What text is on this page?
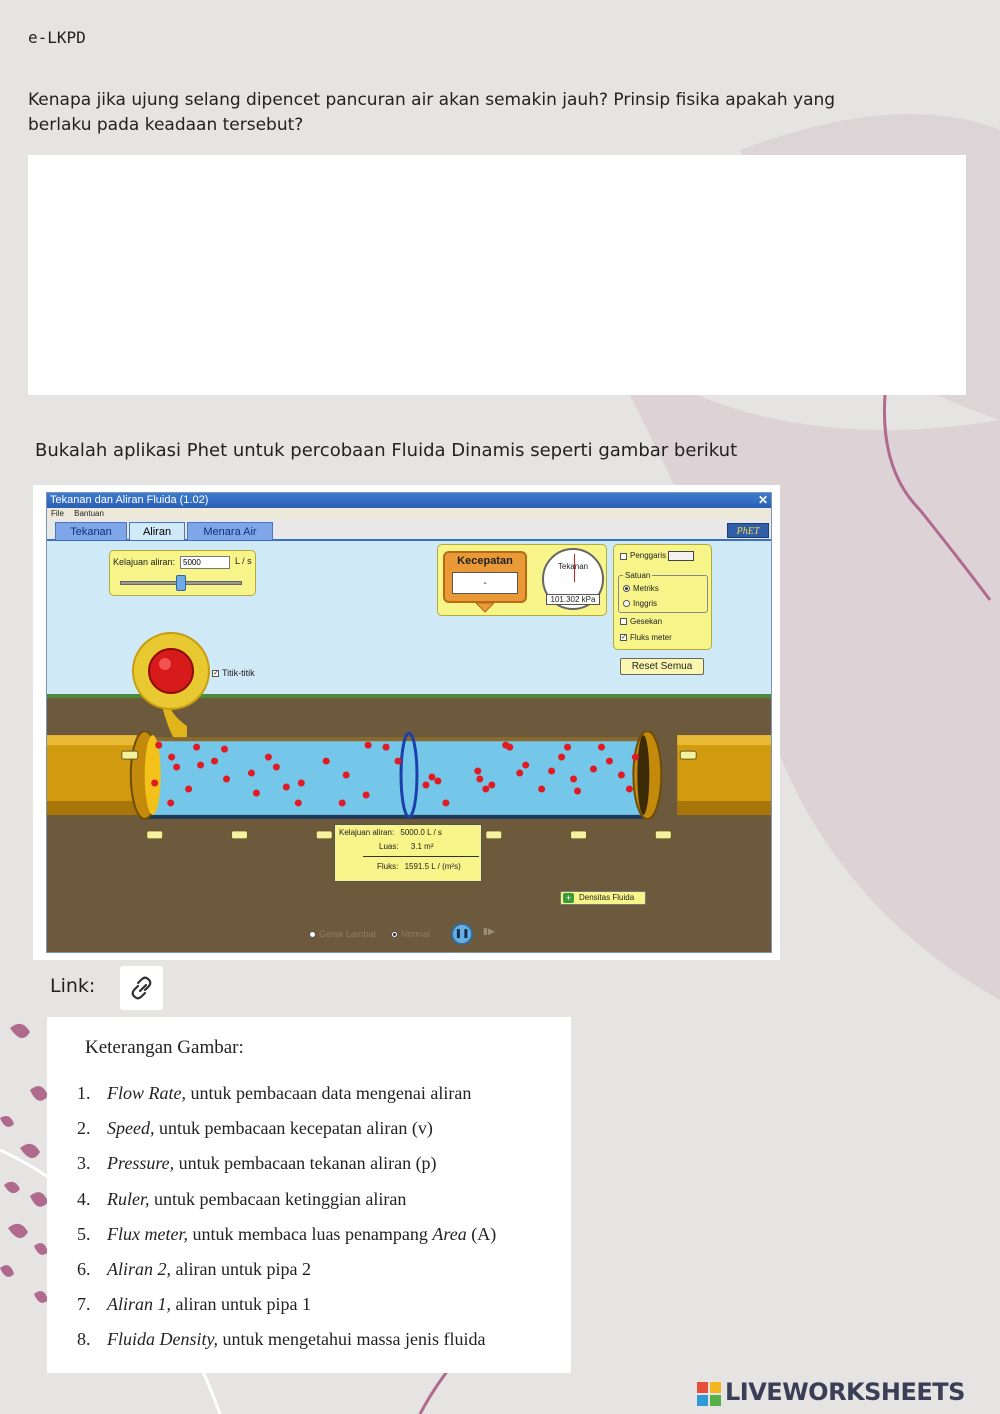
e-LKPD
Kenapa jika ujung selang dipencet pancuran air akan semakin jauh? Prinsip fisika apakah yang
berlaku pada keadaan tersebut?
Bukalah aplikasi Phet untuk percobaan Fluida Dinamis seperti gambar berikut
Tekanan dan Aliran Fluida (1.02)	✕
File Bantuan
Tekanan	Aliran	Menara Air	PhET
Kelajuan aliran:
5000	L / s	Kecepatan
-
Tekanan
101.302 kPa
Penggaris
Satuan
Metriks
Inggris
Gesekan
✓ Fluks meter
Reset Semua
✓ Titik-titik
Kelajuan aliran: 5000.0 L / s
Luas: 3.1 m²
Fluks: 1591.5 L / (m²s)
+ Densitas Fluida
Gerak Lambat	Normal	❚❚	▮▶
Link:
Keterangan Gambar:
1. Flow Rate, untuk pembacaan data mengenai aliran
2. Speed, untuk pembacaan kecepatan aliran (v)
3. Pressure, untuk pembacaan tekanan aliran (p)
4. Ruler, untuk pembacaan ketinggian aliran
5. Flux meter, untuk membaca luas penampang Area (A)
6. Aliran 2, aliran untuk pipa 2
7. Aliran 1, aliran untuk pipa 1
8. Fluida Density, untuk mengetahui massa jenis fluida
LIVEWORKSHEETS
